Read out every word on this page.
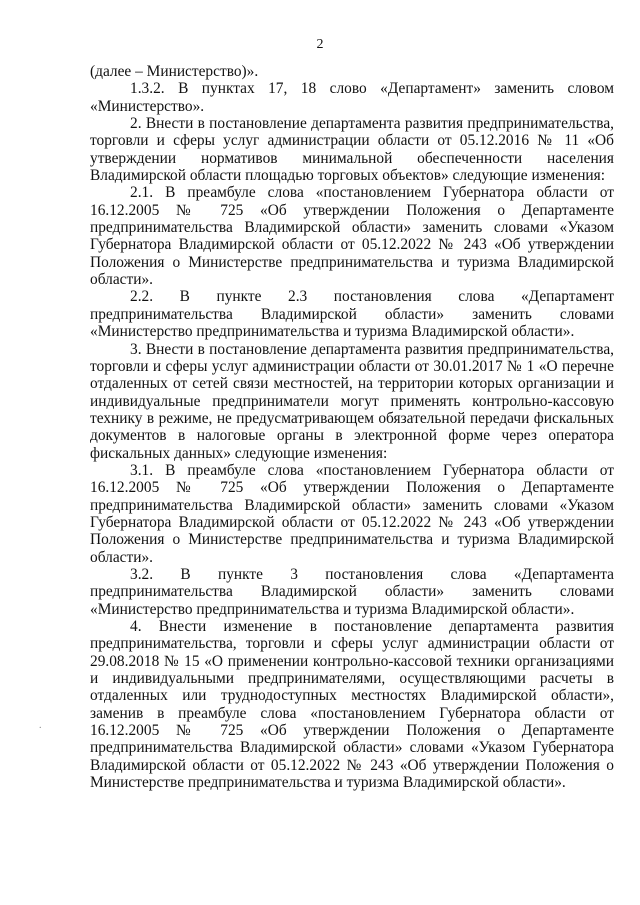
2

(далее – Министерство)».

1.3.2. В пунктах 17, 18 слово «Департамент» заменить словом «Министерство».

2. Внести в постановление департамента развития предпринимательства, торговли и сферы услуг администрации области от 05.12.2016 № 11 «Об утверждении нормативов минимальной обеспеченности населения Владимирской области площадью торговых объектов» следующие изменения:

2.1. В преамбуле слова «постановлением Губернатора области от 16.12.2005 № 725 «Об утверждении Положения о Департаменте предпринимательства Владимирской области» заменить словами «Указом Губернатора Владимирской области от 05.12.2022 № 243 «Об утверждении Положения о Министерстве предпринимательства и туризма Владимирской области».

2.2. В пункте 2.3 постановления слова «Департамент предпринимательства Владимирской области» заменить словами «Министерство предпринимательства и туризма Владимирской области».

3. Внести в постановление департамента развития предпринимательства, торговли и сферы услуг администрации области от 30.01.2017 № 1 «О перечне отдаленных от сетей связи местностей, на территории которых организации и индивидуальные предприниматели могут применять контрольно-кассовую технику в режиме, не предусматривающем обязательной передачи фискальных документов в налоговые органы в электронной форме через оператора фискальных данных» следующие изменения:

3.1. В преамбуле слова «постановлением Губернатора области от 16.12.2005 № 725 «Об утверждении Положения о Департаменте предпринимательства Владимирской области» заменить словами «Указом Губернатора Владимирской области от 05.12.2022 № 243 «Об утверждении Положения о Министерстве предпринимательства и туризма Владимирской области».

3.2. В пункте 3 постановления слова «Департамента предпринимательства Владимирской области» заменить словами «Министерство предпринимательства и туризма Владимирской области».

4. Внести изменение в постановление департамента развития предпринимательства, торговли и сферы услуг администрации области от 29.08.2018 № 15 «О применении контрольно-кассовой техники организациями и индивидуальными предпринимателями, осуществляющими расчеты в отдаленных или труднодоступных местностях Владимирской области», заменив в преамбуле слова «постановлением Губернатора области от 16.12.2005 № 725 «Об утверждении Положения о Департаменте предпринимательства Владимирской области» словами «Указом Губернатора Владимирской области от 05.12.2022 № 243 «Об утверждении Положения о Министерстве предпринимательства и туризма Владимирской области».

.
